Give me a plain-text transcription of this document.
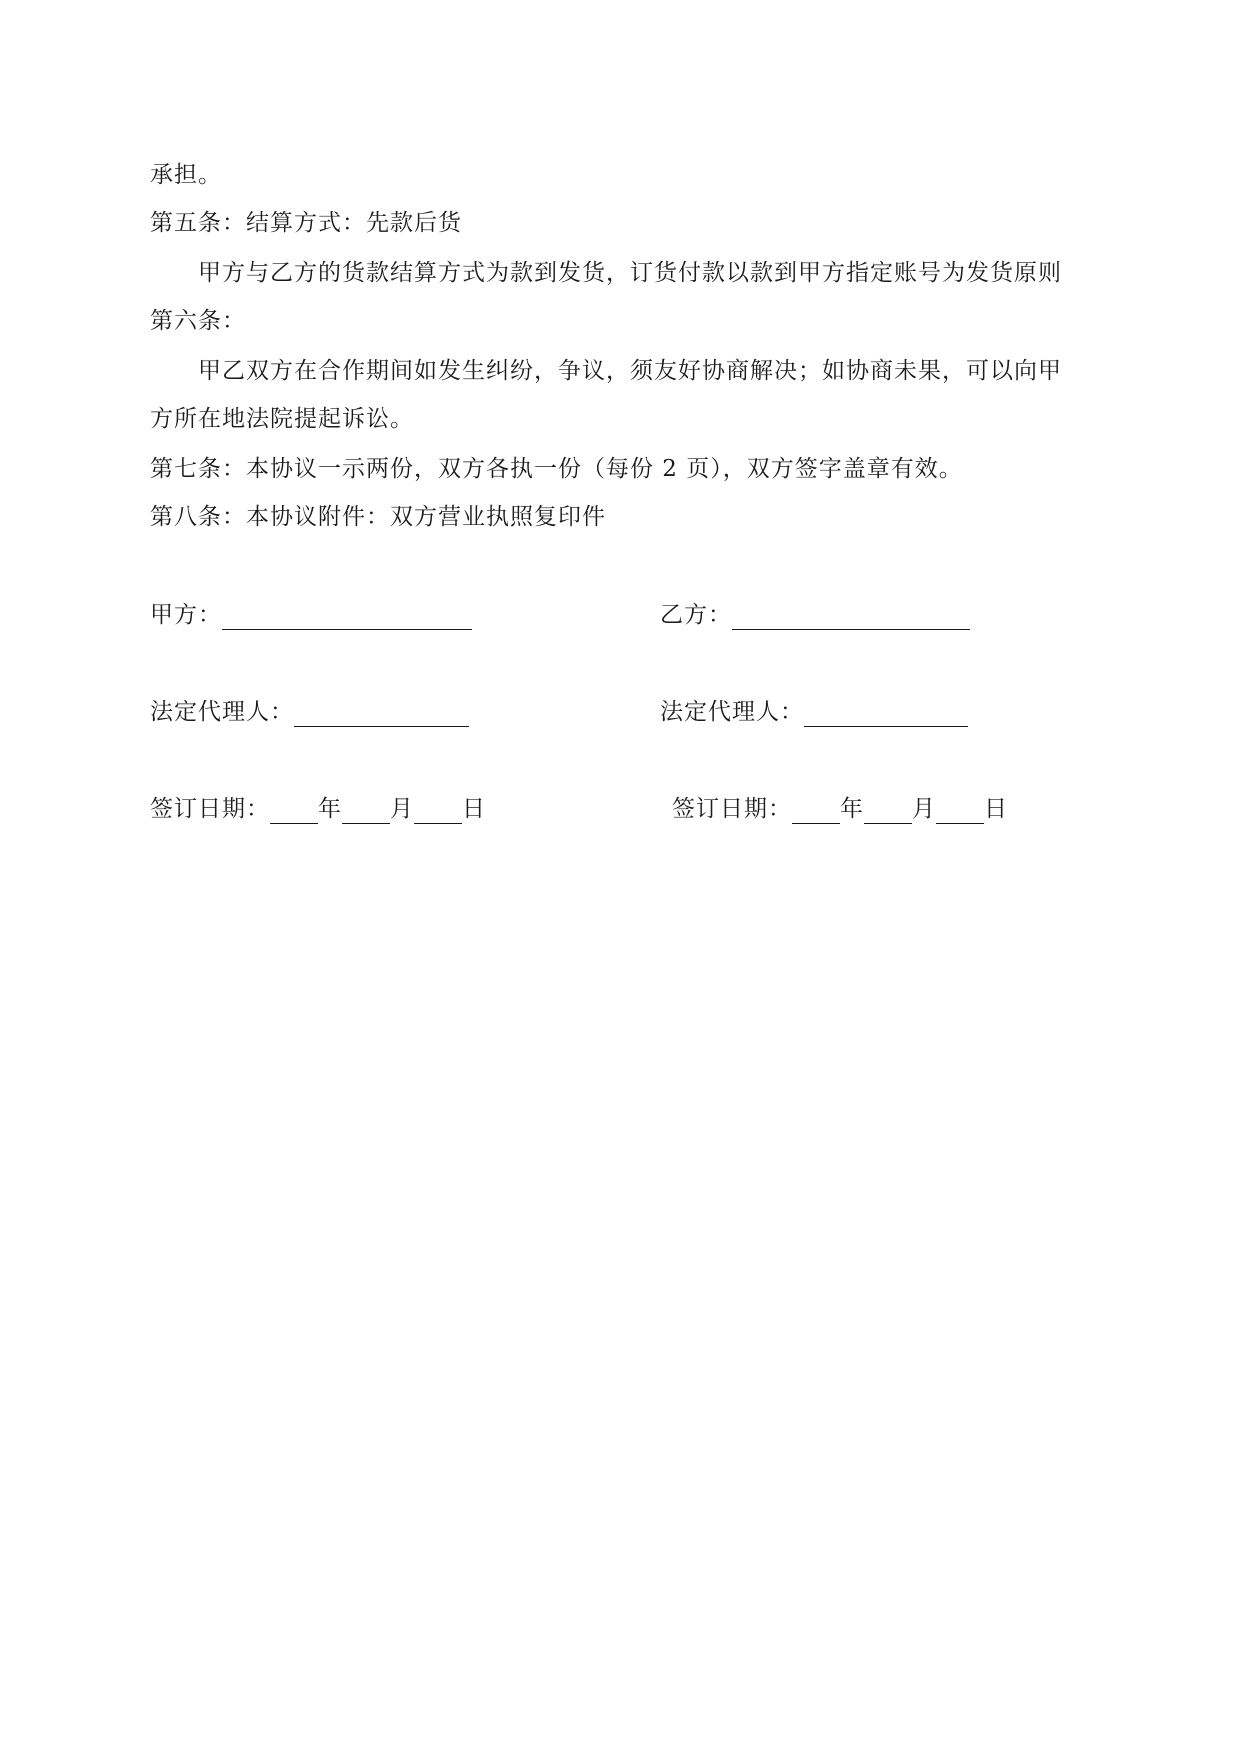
承担。
第五条：结算方式：先款后货
甲方与乙方的货款结算方式为款到发货，订货付款以款到甲方指定账号为发货原则
第六条：
甲乙双方在合作期间如发生纠纷，争议，须友好协商解决；如协商未果，可以向甲
方所在地法院提起诉讼。
第七条：本协议一示两份，双方各执一份（每份 2 页），双方签字盖章有效。
第八条：本协议附件：双方营业执照复印件
甲方：	乙方：
法定代理人：	法定代理人：
签订日期： 年 月 日	签订日期： 年 月 日
